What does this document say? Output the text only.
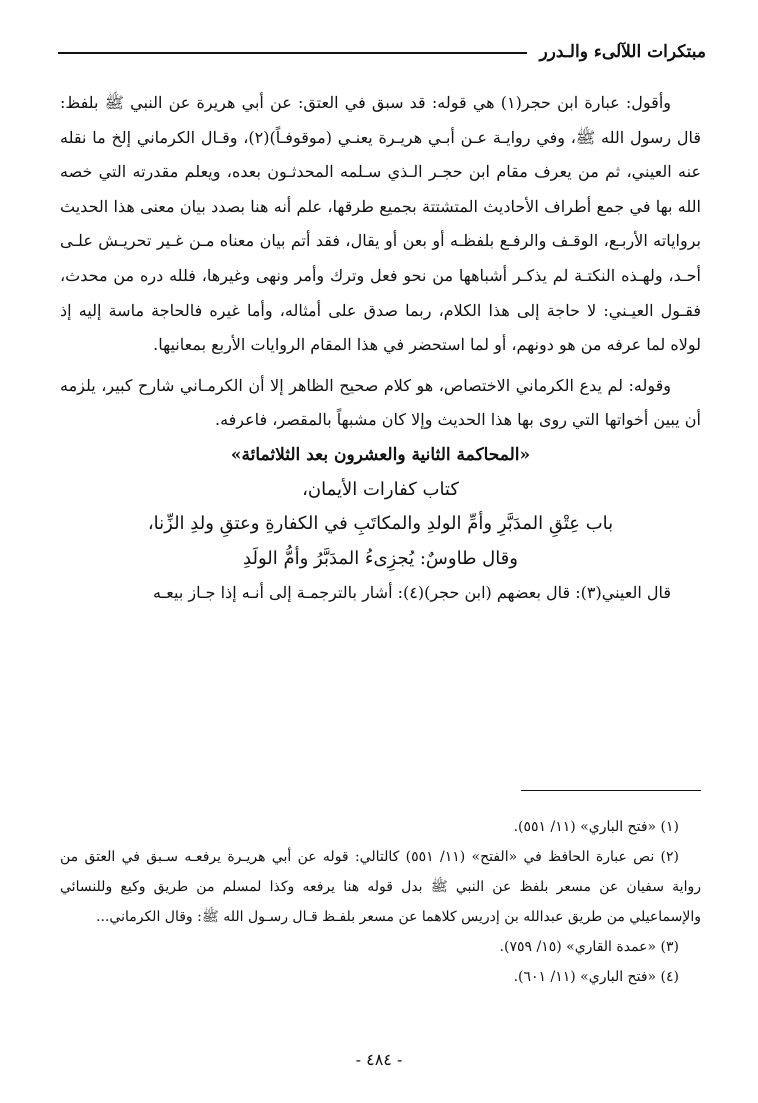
مبتكرات اللآلىء والـدرر

وأقول: عبارة ابن حجر(١) هي قوله: قد سبق في العتق: عن أبي هريرة عن النبي ﷺ بلفظ: قال رسول الله ﷺ، وفي روايـة عـن أبـي هريـرة يعنـي (موقوفـاً)(٢)، وقـال الكرماني إلخ ما نقله عنه العيني، ثم من يعرف مقام ابن حجـر الـذي سـلمه المحدثـون بعده، ويعلم مقدرته التي خصه الله بها في جمع أطراف الأحاديث المتشتتة بجميع طرقها، علم أنه هنا بصدد بيان معنى هذا الحديث برواياته الأربـع، الوقـف والرفـع بلفظـه أو بعن أو يقال، فقد أتم بيان معناه مـن غـير تحريـش علـى أحـد، ولهـذه النكتـة لم يذكـر أشباهها من نحو فعل وترك وأمر ونهى وغيرها، فلله دره من محدث، فقـول العيـني: لا حاجة إلى هذا الكلام، ربما صدق على أمثاله، وأما غيره فالحاجة ماسة إليه إذ لولاه لما عرفه من هو دونهم، أو لما استحضر في هذا المقام الروايات الأربع بمعانيها.

وقوله: لم يدع الكرماني الاختصاص، هو كلام صحيح الظاهر إلا أن الكرمـاني شارح كبير، يلزمه أن يبين أخواتها التي روى بها هذا الحديث وإلا كان مشبهاً بالمقصر، فاعرفه.

«المحاكمة الثانية والعشرون بعد الثلاثمائة»

كتاب كفارات الأيمان،

باب عِتْقِ المدَبَّرِ وأمِّ الولدِ والمكاتَبِ في الكفارةِ وعتقِ ولدِ الزِّنا،

وقال طاوسٌ: يُجزِىءُ المدَبَّرُ وأمُّ الولَدِ

قال العيني(٣): قال بعضهم (ابن حجر)(٤): أشار بالترجمـة إلى أنـه إذا جـاز بيعـه

(١) «فتح الباري» (١١/ ٥٥١).

(٢) نص عبارة الحافظ في «الفتح» (١١/ ٥٥١) كالتالي: قوله عن أبي هريـرة يرفعـه سـبق في العتق من رواية سفيان عن مسعر بلفظ عن النبي ﷺ بدل قوله هنا يرفعه وكذا لمسلم من طريق وكيع وللنسائي والإسماعيلي من طريق عبدالله بن إدريس كلاهما عن مسعر بلفـظ قـال رسـول الله ﷺ: وقال الكرماني...

(٣) «عمدة القاري» (١٥/ ٧٥٩).

(٤) «فتح الباري» (١١/ ٦٠١).

- ٤٨٤ -
